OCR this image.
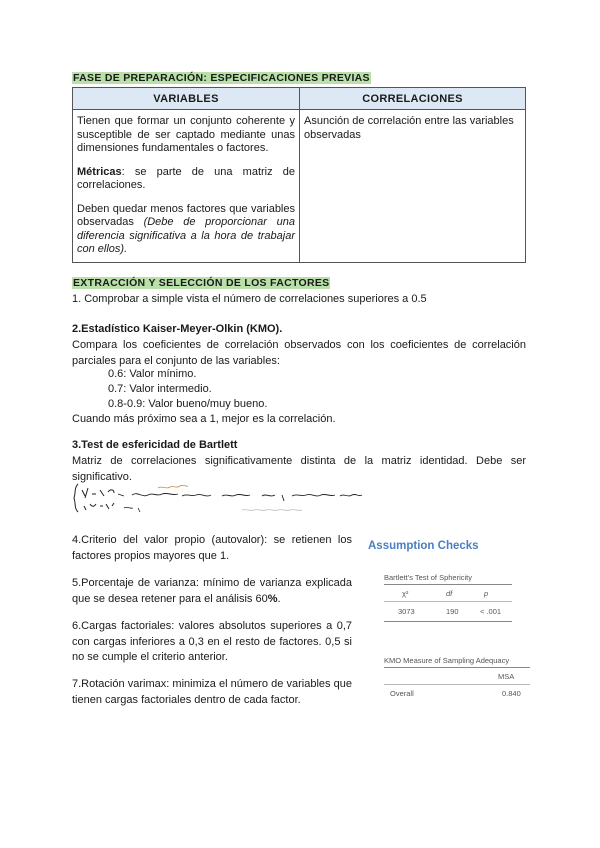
FASE DE PREPARACIÓN: ESPECIFICACIONES PREVIAS
VARIABLES	CORRELACIONES

Tienen que formar un conjunto coherente y susceptible de ser captado mediante unas dimensiones fundamentales o factores.
Métricas: se parte de una matriz de correlaciones.
Deben quedar menos factores que variables observadas (Debe de proporcionar una diferencia significativa a la hora de trabajar con ellos).	Asunción de correlación entre las variables observadas
EXTRACCIÓN Y SELECCIÓN DE LOS FACTORES
1. Comprobar a simple vista el número de correlaciones superiores a 0.5
2.Estadístico Kaiser-Meyer-Olkin (KMO).
Compara los coeficientes de correlación observados con los coeficientes de correlación parciales para el conjunto de las variables:
0.6: Valor mínimo.
0.7: Valor intermedio.
0.8-0.9: Valor bueno/muy bueno.
Cuando más próximo sea a 1, mejor es la correlación.
3.Test de esfericidad de Bartlett
Matriz de correlaciones significativamente distinta de la matriz identidad. Debe ser significativo.
4.Criterio del valor propio (autovalor): se retienen los factores propios mayores que 1.
5.Porcentaje de varianza: mínimo de varianza explicada que se desea retener para el análisis 60%.
6.Cargas factoriales: valores absolutos superiores a 0,7 con cargas inferiores a 0,3 en el resto de factores. 0,5 si no se cumple el criterio anterior.
7.Rotación varimax: minimiza el número de variables que tienen cargas factoriales dentro de cada factor.
Assumption Checks
Bartlett's Test of Sphericity
χ²	df	p
3073	190	< .001
KMO Measure of Sampling Adequacy
MSA
Overall	0.840
